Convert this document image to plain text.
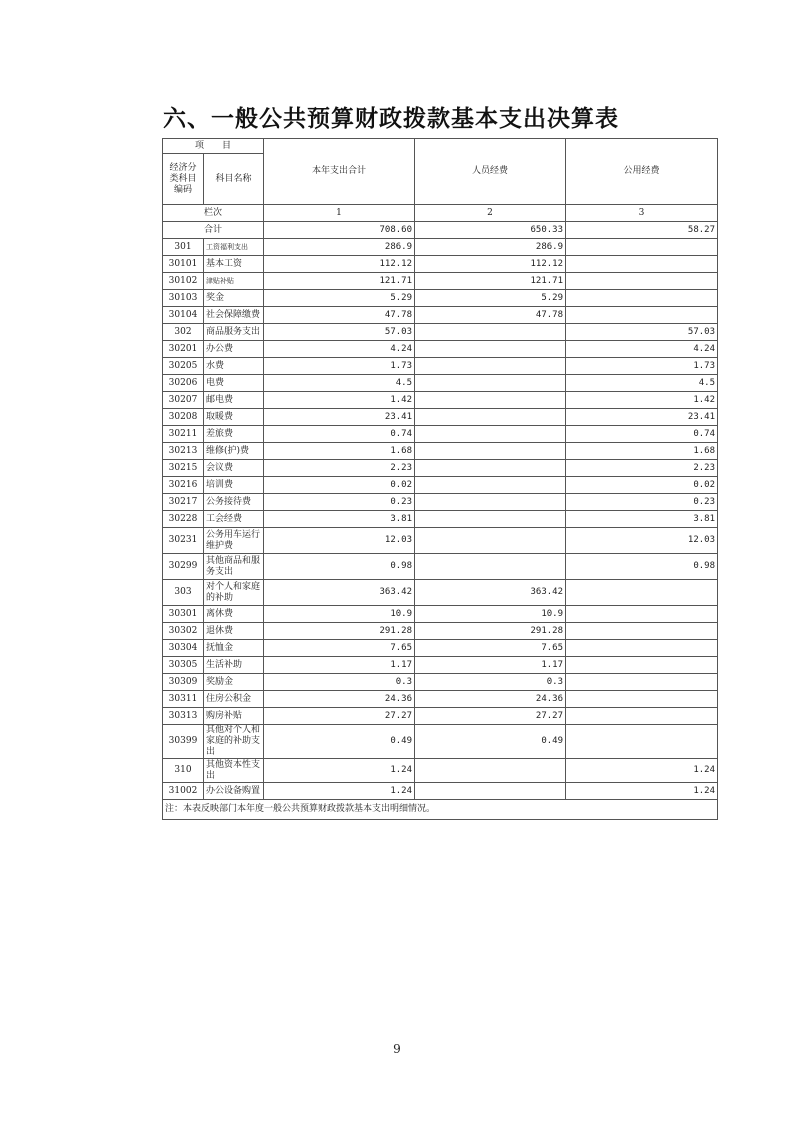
六、一般公共预算财政拨款基本支出决算表
项　　目		本年支出合计	人员经费	公用经费
经济分类科目编码	科目名称			
栏次		1	2	3
合计		708.60	650.33	58.27
301	工资福利支出	286.9	286.9	
30101	基本工资	112.12	112.12	
30102	津贴补贴	121.71	121.71	
30103	奖金	5.29	5.29	
30104	社会保障缴费	47.78	47.78	
302	商品服务支出	57.03		57.03
30201	办公费	4.24		4.24
30205	水费	1.73		1.73
30206	电费	4.5		4.5
30207	邮电费	1.42		1.42
30208	取暖费	23.41		23.41
30211	差旅费	0.74		0.74
30213	维修(护)费	1.68		1.68
30215	会议费	2.23		2.23
30216	培训费	0.02		0.02
30217	公务接待费	0.23		0.23
30228	工会经费	3.81		3.81
30231	公务用车运行维护费	12.03		12.03
30299	其他商品和服务支出	0.98		0.98
303	对个人和家庭的补助	363.42	363.42	
30301	离休费	10.9	10.9	
30302	退休费	291.28	291.28	
30304	抚恤金	7.65	7.65	
30305	生活补助	1.17	1.17	
30309	奖励金	0.3	0.3	
30311	住房公积金	24.36	24.36	
30313	购房补贴	27.27	27.27	
30399	其他对个人和家庭的补助支出	0.49	0.49	
310	其他资本性支出	1.24		1.24
31002	办公设备购置	1.24		1.24
注：本表反映部门本年度一般公共预算财政拨款基本支出明细情况。				
9
